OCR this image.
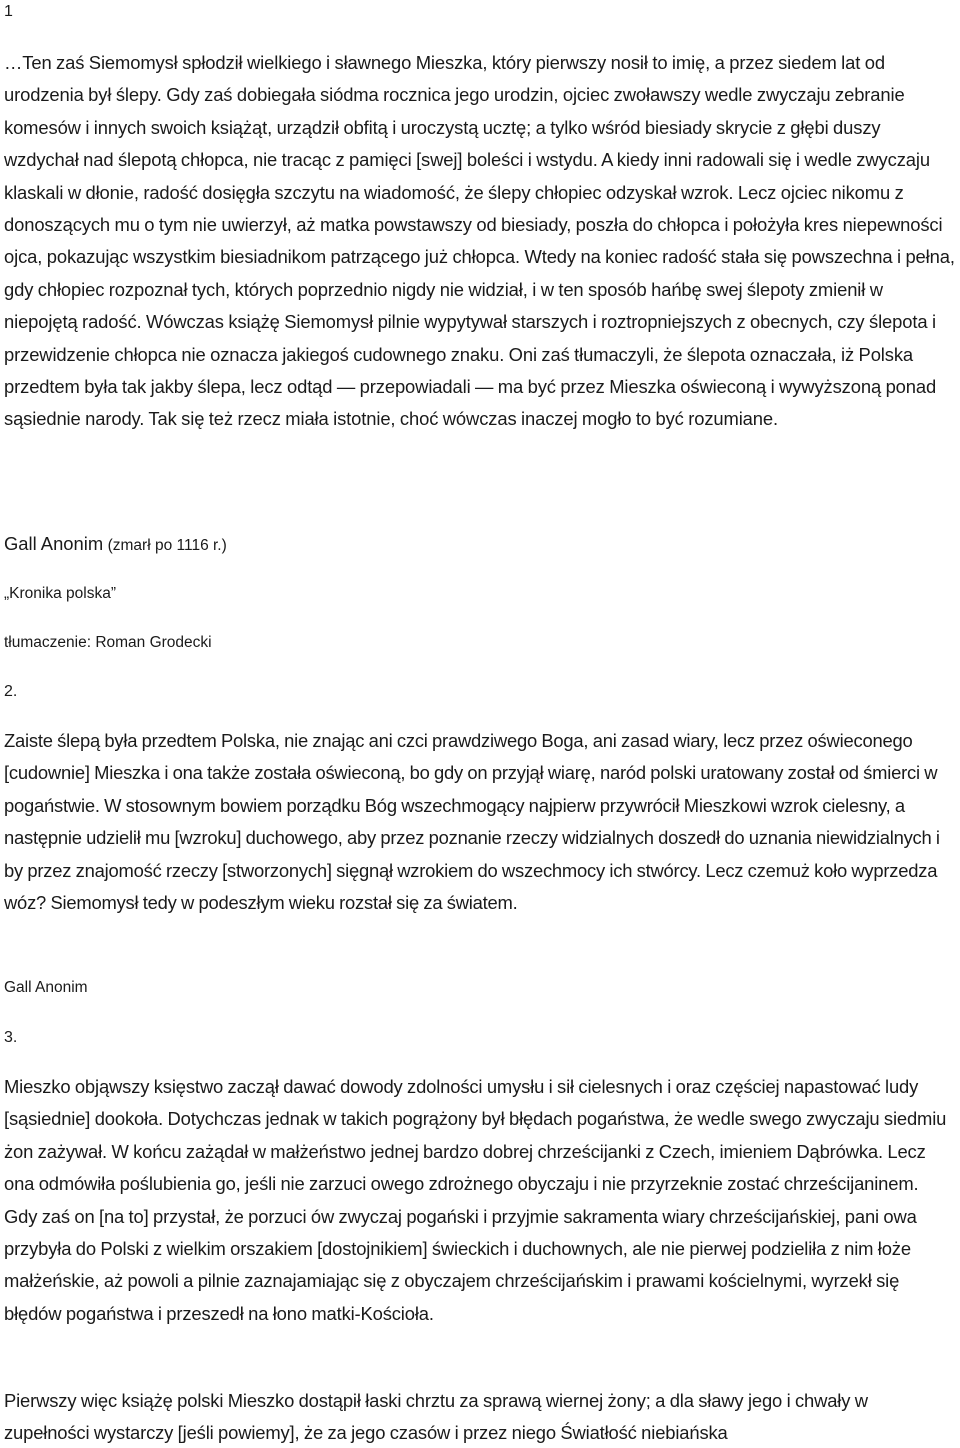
1

…Ten zaś Siemomysł spłodził wielkiego i sławnego Mieszka, który pierwszy nosił to imię, a przez siedem lat od urodzenia był ślepy. Gdy zaś dobiegała siódma rocznica jego urodzin, ojciec zwoławszy wedle zwyczaju zebranie komesów i innych swoich książąt, urządził obfitą i uroczystą ucztę; a tylko wśród biesiady skrycie z głębi duszy wzdychał nad ślepotą chłopca, nie tracąc z pamięci [swej] boleści i wstydu. A kiedy inni radowali się i wedle zwyczaju klaskali w dłonie, radość dosięgła szczytu na wiadomość, że ślepy chłopiec odzyskał wzrok. Lecz ojciec nikomu z donoszących mu o tym nie uwierzył, aż matka powstawszy od biesiady, poszła do chłopca i położyła kres niepewności ojca, pokazując wszystkim biesiadnikom patrzącego już chłopca. Wtedy na koniec radość stała się powszechna i pełna, gdy chłopiec rozpoznał tych, których poprzednio nigdy nie widział, i w ten sposób hańbę swej ślepoty zmienił w niepojętą radość. Wówczas książę Siemomysł pilnie wypytywał starszych i roztropniejszych z obecnych, czy ślepota i przewidzenie chłopca nie oznacza jakiegoś cudownego znaku. Oni zaś tłumaczyli, że ślepota oznaczała, iż Polska przedtem była tak jakby ślepa, lecz odtąd — przepowiadali — ma być przez Mieszka oświeconą i wywyższoną ponad sąsiednie narody. Tak się też rzecz miała istotnie, choć wówczas inaczej mogło to być rozumiane.

Gall Anonim (zmarł po 1116 r.)

„Kronika polska”

tłumaczenie: Roman Grodecki

2.

Zaiste ślepą była przedtem Polska, nie znając ani czci prawdziwego Boga, ani zasad wiary, lecz przez oświeconego [cudownie] Mieszka i ona także została oświeconą, bo gdy on przyjął wiarę, naród polski uratowany został od śmierci w pogaństwie. W stosownym bowiem porządku Bóg wszechmogący najpierw przywrócił Mieszkowi wzrok cielesny, a następnie udzielił mu [wzroku] duchowego, aby przez poznanie rzeczy widzialnych doszedł do uznania niewidzialnych i by przez znajomość rzeczy [stworzonych] sięgnął wzrokiem do wszechmocy ich stwórcy. Lecz czemuż koło wyprzedza wóz? Siemomysł tedy w podeszłym wieku rozstał się za światem.

Gall Anonim

3.

Mieszko objąwszy księstwo zaczął dawać dowody zdolności umysłu i sił cielesnych i oraz częściej napastować ludy [sąsiednie] dookoła. Dotychczas jednak w takich pogrążony był błędach pogaństwa, że wedle swego zwyczaju siedmiu żon zażywał. W końcu zażądał w małżeństwo jednej bardzo dobrej chrześcijanki z Czech, imieniem Dąbrówka. Lecz ona odmówiła poślubienia go, jeśli nie zarzuci owego zdrożnego obyczaju i nie przyrzeknie zostać chrześcijaninem. Gdy zaś on [na to] przystał, że porzuci ów zwyczaj pogański i przyjmie sakramenta wiary chrześcijańskiej, pani owa przybyła do Polski z wielkim orszakiem [dostojnikiem] świeckich i duchownych, ale nie pierwej podzieliła z nim łoże małżeńskie, aż powoli a pilnie zaznajamiając się z obyczajem chrześcijańskim i prawami kościelnymi, wyrzekł się błędów pogaństwa i przeszedł na łono matki-Kościoła.

Pierwszy więc książę polski Mieszko dostąpił łaski chrztu za sprawą wiernej żony; a dla sławy jego i chwały w zupełności wystarczy [jeśli powiemy], że za jego czasów i przez niego Światłość niebiańska
